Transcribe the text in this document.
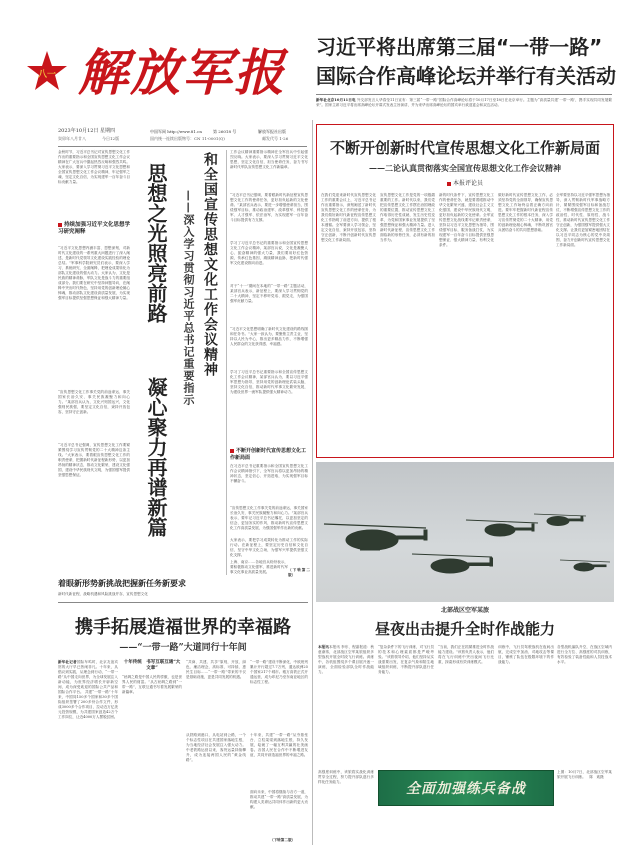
八一 解放军报
2023年10月12日 星期四
癸卯年八月廿八	今日12版
中国军网 http://www.81.cn	第 26018 号	解放军报社出版
国内统一连续出版物号：CN 11-0001(Q)	邮发代号 1-26
习近平将出席第三届“一带一路”
国际合作高峰论坛并举行有关活动
新华社北京10月11日电 外交部发言人华春莹11日宣布：第三届“一带一路”国际合作高峰论坛将于10月17日至18日在北京举行。主题为“高质量共建‘一带一路’，携手实现共同发展繁荣”。国家主席习近平将出席高峰论坛开幕式发表主旨演讲，并为来华出席高峰论坛的国宾举行欢迎宴会和双边活动。
不断开创新时代宣传思想文化工作新局面
——二论认真贯彻落实全国宣传思想文化工作会议精神
本报评论员
在我们党迎来新时代宣传思想文化工作的重要会议上，习近平总书记作出重要指示，深刻阐述了新时代宣传思想文化工作的使命任务，为我们做好新时代新征程宣传思想文化工作指明了前进方向、提供了根本遵循。全军要深入学习领会，坚定文化自信，秉持开放包容，坚持守正创新，不断开创新时代宣传思想文化工作新局面。
宣传思想文化工作是党的一项极端重要的工作。新时代以来，我们党把宣传思想文化工作摆在治国理政的重要位置，推动宣传思想文化工作取得历史性成就、发生历史性变革，为党和国家事业发展提供了坚强思想保证和强大精神力量。进入新时代新征程，宣传思想文化工作面临新的形势任务，必须有新的担当作为。
新的时代条件下，宣传思想文化工作的使命任务，就是要着眼推动中华文化繁荣兴盛、建设社会主义文化强国、建设中华民族现代文明，更好担负起新的文化使命。全军宣传思想文化战线要牢记职责使命，坚持以习近平文化思想为指导，围绕强军目标，服务备战打仗，为实现建军一百年奋斗目标提供坚强思想保证、强大精神力量、有利文化条件。
做好新时代宣传思想文化工作，必须坚持党的全面领导，确保宣传思想文化工作始终沿着正确方向前进。要牢牢把握新时代新征程宣传思想文化工作的根本任务，深入学习宣传贯彻党的二十大精神，用党的创新理论凝心铸魂，不断巩固官兵团结奋斗的共同思想基础。
全军要坚持以习近平强军思想为指导，深入贯彻新时代军事战略方针，紧紧围绕强军目标和备战打仗，不断增强宣传思想文化工作的政治性、时代性、原则性、战斗性，推动新时代宣传思想文化工作守正创新，为强国强军提供强大文化支撑。让我们更加紧密地团结在以习近平同志为核心的党中央周围，奋力开创新时代宣传思想文化工作新局面。
金秋时节，习近平总书记对宣传思想文化工作作出的重要指示和全国宣传思想文化工作会议精神在广大官兵中激起热烈反响和强烈共鸣。大家表示，要深入学习贯彻习近平文化思想和全国宣传思想文化工作会议精神，牢记强军之魂，坚定文化自信，为实现建军一百年奋斗目标贡献力量。
持续加强习近平文化思想学习研究阐释
“习近平文化思想内涵丰富、思想深刻，对新时代文化建设的一系列重大问题进行了深入阐述，是新时代党领导文化建设实践经验的理论总结。”军事科学院研究员们表示，要深入学习、系统研究、全面阐释，把理论成果转化为部队文化建设的强大动力。大家认为，文化是民族的精神命脉，军队文化是战斗力的重要组成部分。我们要在研究中坚持问题导向，在阐释中突出时代特色，坚持用党的创新理论凝心铸魂，推动部队文化建设高质量发展，为实现强军目标提供坚强思想保证和强大精神力量。
“宣传思想文化工作事关党的前途命运、事关国家长治久安、事关民族凝聚力和向心力。”某部官兵认为，文化兴则国运兴，文化强则民族强，要坚定文化自信，秉持开放包容，坚持守正创新。
“习近平总书记强调，宣传思想文化工作要紧紧围绕学习宣传贯彻党的二十大精神这条主线。”大家表示，要着眼宣传思想文化工作的职责使命，把握新时代新征程新形势，以更加昂扬的精神状态，推动文化繁荣，建设文化强国，建设中华民族现代文明，为强国强军提供坚强思想保证。
和全国宣传思想文化工作会议精神
——深入学习贯彻习近平总书记重要指示
思想之光照亮前路
凝心聚力再谱新篇
工作会议精神重要指示精神在全军官兵中引起强烈反响。大家表示，要深入学习贯彻习近平文化思想，坚定文化自信，担当使命任务，奋力书写新时代军队宣传思想文化工作新篇章。
“习近平总书记强调，要着眼新时代新征程宣传思想文化工作的使命任务，更好担负起新的文化使命。”某部官兵表示，要进一步增强使命担当，围绕强军目标，推动政治建军、改革强军、科技强军、人才强军、依法治军，为实现建军一百年奋斗目标提供有力支撑。
学习了习近平总书记的重要指示和全国宣传思想文化工作会议精神，某部官兵说，文化是凝聚人心、振奋精神的强大力量，我们要用好红色资源，传承红色基因，赓续精神血脉，把新时代强军文化建设推向前进。
对于“十一”期间在本地的“一带一路”主题活动，某部官兵表示，新征程上，要深入学习贯彻党的二十大精神，坚定不移听党话、跟党走，为强国强军贡献力量。
“习近平文化思想明确了新时代文化建设的路线图和任务书。”大家一致认为，要聚焦主责主业，坚持以人民为中心，推出更多精品力作，不断增强人民群众的文化获得感、幸福感。
学习了习近平总书记重要指示和全国宣传思想文化工作会议精神，某部官兵认为，要以习近平强军思想为指导，坚持用党的创新理论武装头脑，坚持文化自信，推动新时代军事文化繁荣发展，为建设世界一流军队提供强大精神动力。
不断开创新时代宣传思想文化工作新局面
在习近平总书记重要指示和全国宣传思想文化工作会议精神指引下，全军官兵将以更加昂扬的精神状态，坚定信心、开拓进取，为实现强军目标不懈奋斗。
“宣传思想文化工作事关党的前途命运，事关国家长治久安，事关民族凝聚力和向心力。”某部官兵表示，要牢记习近平总书记嘱托，以更加坚定的信念、更加务实的作风，推动新时代宣传思想文化工作高质量发展，为强国强军作出新的贡献。
大家表示，要把学习成果转化为推动工作的实际行动。在新征程上，要坚定历史自信和文化自信，坚守中华文化立场，为强军兴军提供坚强文化支撑。
上海、南京……各地官兵纷纷表示，要积极推动文化强军，推进新时代军事文化事业高质量发展。	（下转第二版）
着眼新形势新挑战把握新任务新要求
新时代新征程，战略机遇和风险挑战并存，宣传思想文化
北部战区空军某旅
昼夜出击提升全时作战能力
本报讯本报讯 李东、程嘉报道：秋意渐浓，北部战区空军某旅组织多型战机开展全时段飞行训练。训练中，各机组围绕多个课目展开逐一演练，全面检验部队全时作战能力。
“复杂条件下的飞行训练，对飞行员的技术和心理素质都是严峻考验。”该旅领导介绍，他们坚持从实战需要出发，在复杂气象和陌生地域组织训练，不断提升部队遂行任务能力。
“当前，我们正在抓紧推进全时作战能力建设。”该旅负责人表示，他们将在飞行训练中突出夜间飞行比重，探索形成有效训练模式。
训练中，飞行员驾驶战机在夜间出航，完成空中加油、对地攻击等课目，锤炼了队伍在极限环境下的作战能力。
各型战机编队升空，在战区空域内进行全方位、高强度的对抗训练，有效检验了装备性能和人员技战术水平。
全面加强练兵备战
高强度训练中，该旅将实战化训练贯穿全过程，努力提升部队遂行多样化任务能力。
上图：10月7日，北部战区空军某旅开展飞行训练。　陈　欢摄
携手拓展造福世界的幸福路
——“一带一路”大道同行十年间
新华社记者国际车鸣时，北京友谊宾馆的大厅早已热闹非凡。十年来，从倡议到实践，从理念到行动，“一带一路”从中国走向世界，为全球发展注入新动能，为世界经济增长开辟新空间，成为深受欢迎的国际公共产品和国际合作平台。 共建“一带一路”十年来，中国同150多个国家和30多个国际组织签署了200多份合作文件，形成3000多个合作项目，拉动近万亿美元投资规模，为共建国家创造42万个工作岗位，让近4000万人摆脱贫困。
十年传统　书写互联互通“大文章”
“丝绸之路是中国人民的骄傲，也是世界人民的财富。”从古丝绸之路到“一带一路”，互联互通书写着发展繁荣的新篇章。
“共商、共建、共享”原则，开放、绿色、廉洁理念，高标准、可持续、惠民生目标……“一带一路”带来的不仅是基础设施，更是共同发展的机遇。
从铁路到港口，从电站到公路，一个个标志性项目在共建国家落地生根，为当地经济社会发展注入强大动力。中老铁路运营以来，客货运量持续攀升，成为连接两国人民的“黄金线路”。
“一带一路”建设不断深化，中欧班列累计开行超过7.7万列，通达欧洲25个国家217个城市。雅万高铁正式开通运营，成为印尼乃至东南亚地区的标志性工程。
十年来，共建“一带一路”从夯基垒台、立柱架梁到落地生根、持久发展，绘就了一幅互利共赢的壮美画卷。各国人民在合作中不断增进友谊，共同开辟造福世界的幸福之路。
面向未来，中国将继续与各方一道，推动共建“一带一路”高质量发展，为构建人类命运共同体作出新的更大贡献。
（下转第二版）
